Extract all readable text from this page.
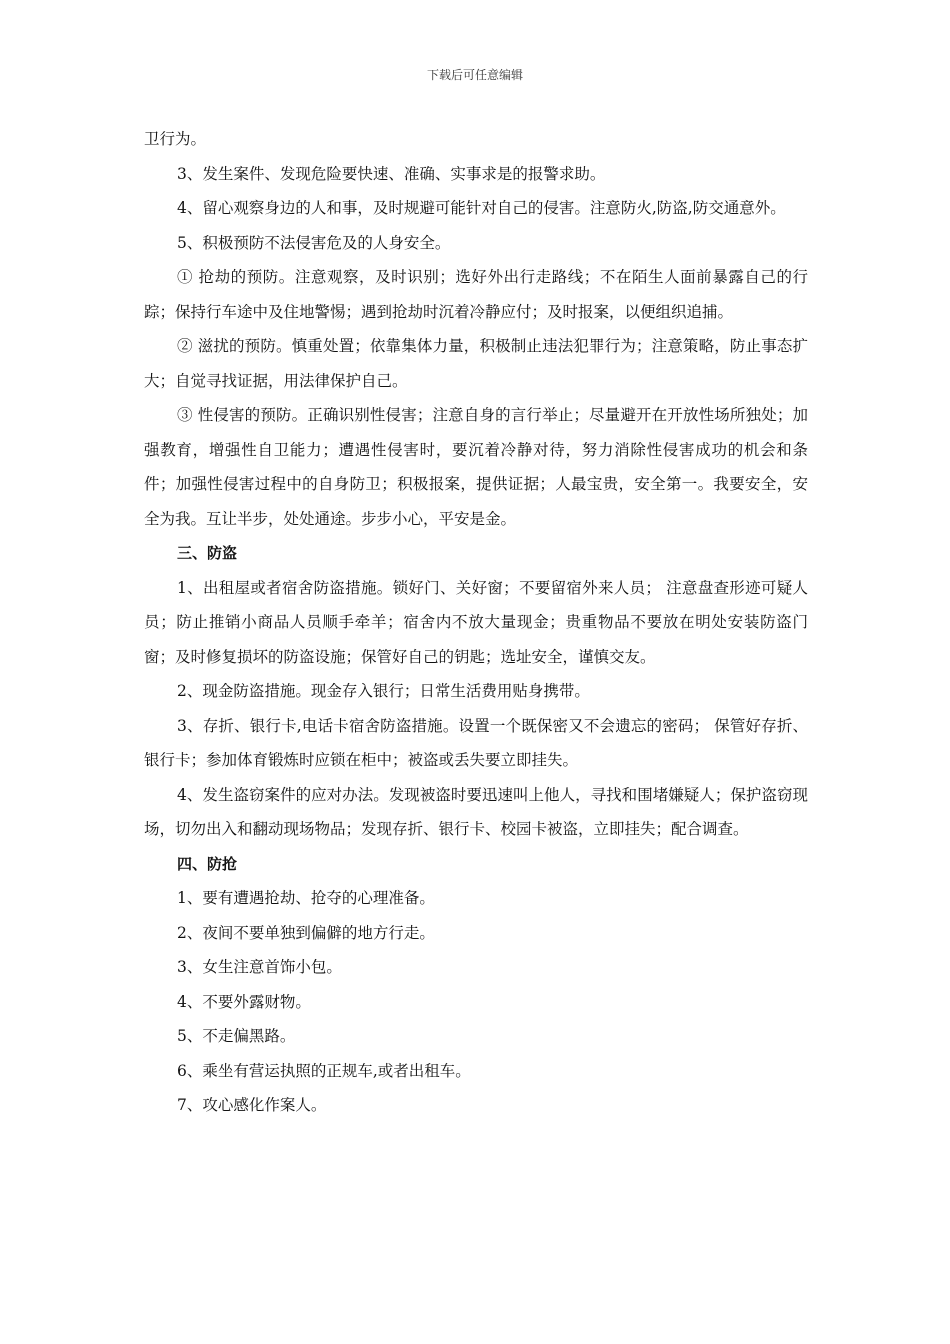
下载后可任意编辑

卫行为。

3、发生案件、发现危险要快速、准确、实事求是的报警求助。

4、留心观察身边的人和事，及时规避可能针对自己的侵害。注意防火,防盗,防交通意外。

5、积极预防不法侵害危及的人身安全。

① 抢劫的预防。注意观察，及时识别；选好外出行走路线；不在陌生人面前暴露自己的行踪；保持行车途中及住地警惕；遇到抢劫时沉着冷静应付；及时报案，以便组织追捕。

② 滋扰的预防。慎重处置；依靠集体力量，积极制止违法犯罪行为；注意策略，防止事态扩大；自觉寻找证据，用法律保护自己。

③ 性侵害的预防。正确识别性侵害；注意自身的言行举止；尽量避开在开放性场所独处；加强教育，增强性自卫能力；遭遇性侵害时，要沉着冷静对待，努力消除性侵害成功的机会和条件；加强性侵害过程中的自身防卫；积极报案，提供证据；人最宝贵，安全第一。我要安全，安全为我。互让半步，处处通途。步步小心，平安是金。

三、防盗

1、出租屋或者宿舍防盗措施。锁好门、关好窗；不要留宿外来人员； 注意盘查形迹可疑人员；防止推销小商品人员顺手牵羊；宿舍内不放大量现金；贵重物品不要放在明处安装防盗门窗；及时修复损坏的防盗设施；保管好自己的钥匙；选址安全，谨慎交友。

2、现金防盗措施。现金存入银行；日常生活费用贴身携带。

3、存折、银行卡,电话卡宿舍防盗措施。设置一个既保密又不会遗忘的密码； 保管好存折、银行卡；参加体育锻炼时应锁在柜中；被盗或丢失要立即挂失。

4、发生盗窃案件的应对办法。发现被盗时要迅速叫上他人，寻找和围堵嫌疑人；保护盗窃现场，切勿出入和翻动现场物品；发现存折、银行卡、校园卡被盗，立即挂失；配合调查。

四、防抢

1、要有遭遇抢劫、抢夺的心理准备。

2、夜间不要单独到偏僻的地方行走。

3、女生注意首饰小包。

4、不要外露财物。

5、不走偏黑路。

6、乘坐有营运执照的正规车,或者出租车。

7、攻心感化作案人。
